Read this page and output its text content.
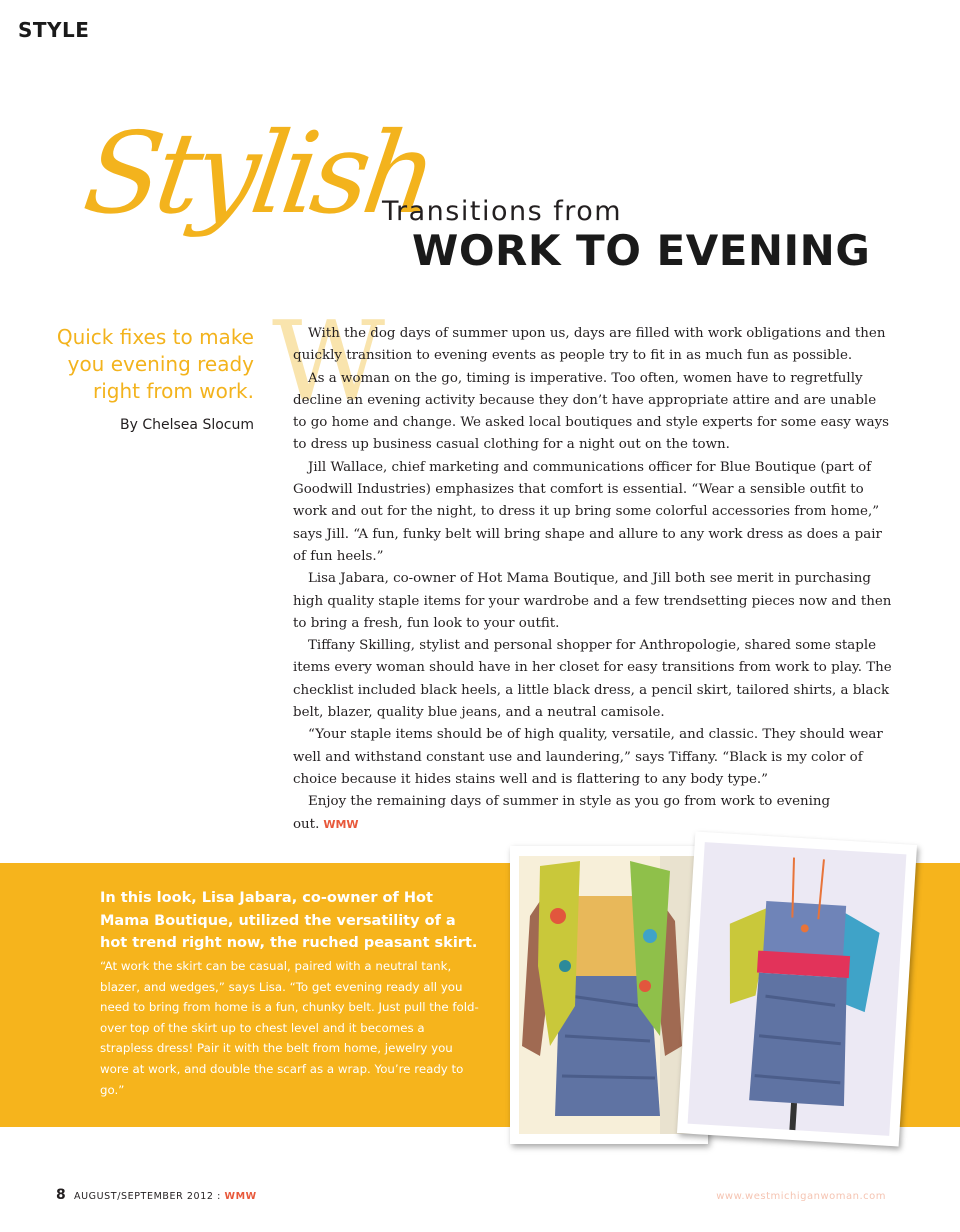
STYLE
Stylish
Transitions from
WORK TO EVENING
Quick fixes to make you evening ready right from work.
By Chelsea Slocum W

With the dog days of summer upon us, days are filled with work obligations and then quickly transition to evening events as people try to fit in as much fun as possible.

As a woman on the go, timing is imperative. Too often, women have to regretfully decline an evening activity because they don’t have appropriate attire and are unable to go home and change. We asked local boutiques and style experts for some easy ways to dress up business casual clothing for a night out on the town.

Jill Wallace, chief marketing and communications officer for Blue Boutique (part of Goodwill Industries) emphasizes that comfort is essential. “Wear a sensible outfit to work and out for the night, to dress it up bring some colorful accessories from home,” says Jill. “A fun, funky belt will bring shape and allure to any work dress as does a pair of fun heels.”

Lisa Jabara, co-owner of Hot Mama Boutique, and Jill both see merit in purchasing high quality staple items for your wardrobe and a few trendsetting pieces now and then to bring a fresh, fun look to your outfit.

Tiffany Skilling, stylist and personal shopper for Anthropologie, shared some staple items every woman should have in her closet for easy transitions from work to play. The checklist included black heels, a little black dress, a pencil skirt, tailored shirts, a black belt, blazer, quality blue jeans, and a neutral camisole.

“Your staple items should be of high quality, versatile, and classic. They should wear well and withstand constant use and laundering,” says Tiffany. “Black is my color of choice because it hides stains well and is flattering to any body type.”

Enjoy the remaining days of summer in style as you go from work to evening out. WMW

In this look, Lisa Jabara, co-owner of Hot Mama Boutique, utilized the versatility of a hot trend right now, the ruched peasant skirt.
“At work the skirt can be casual, paired with a neutral tank, blazer, and wedges,” says Lisa. “To get evening ready all you need to bring from home is a fun, chunky belt. Just pull the fold-over top of the skirt up to chest level and it becomes a strapless dress! Pair it with the belt from home, jewelry you wore at work, and double the scarf as a wrap. You’re ready to go.”
8 AUGUST/SEPTEMBER 2012 : WMW	www.westmichiganwoman.com
